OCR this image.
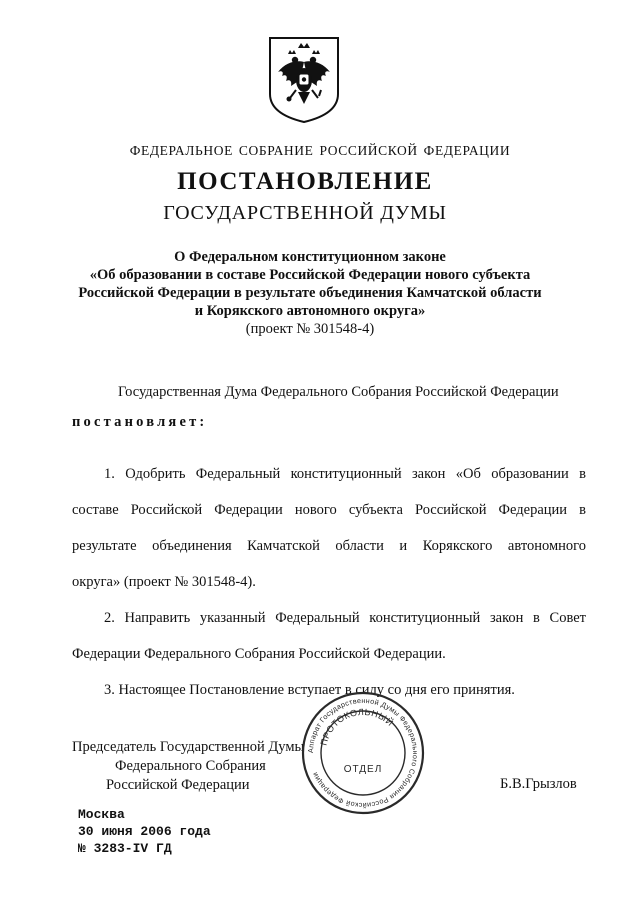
ФЕДЕРАЛЬНОЕ СОБРАНИЕ РОССИЙСКОЙ ФЕДЕРАЦИИ
ПОСТАНОВЛЕНИЕ
ГОСУДАРСТВЕННОЙ ДУМЫ
О Федеральном конституционном законе
«Об образовании в составе Российской Федерации нового субъекта
Российской Федерации в результате объединения Камчатской области
и Корякского автономного округа»
(проект № 301548-4)
Государственная Дума Федерального Собрания Российской Федерации
постановляет:
1. Одобрить Федеральный конституционный закон «Об образовании в
составе Российской Федерации нового субъекта Российской Федерации в
результате объединения Камчатской области и Корякского автономного
округа» (проект № 301548-4).
2. Направить указанный Федеральный конституционный закон в Совет
Федерации Федерального Собрания Российской Федерации.
3. Настоящее Постановление вступает в силу со дня его принятия.
Председатель Государственной Думы
Федерального Собрания
Российской Федерации	Б.В.Грызлов
Аппарат Государственной Думы Федерального Собрания Российской Федерации
ПРОТОКОЛЬНЫЙ
ОТДЕЛ
Москва
30 июня 2006 года
№ 3283-IV ГД
